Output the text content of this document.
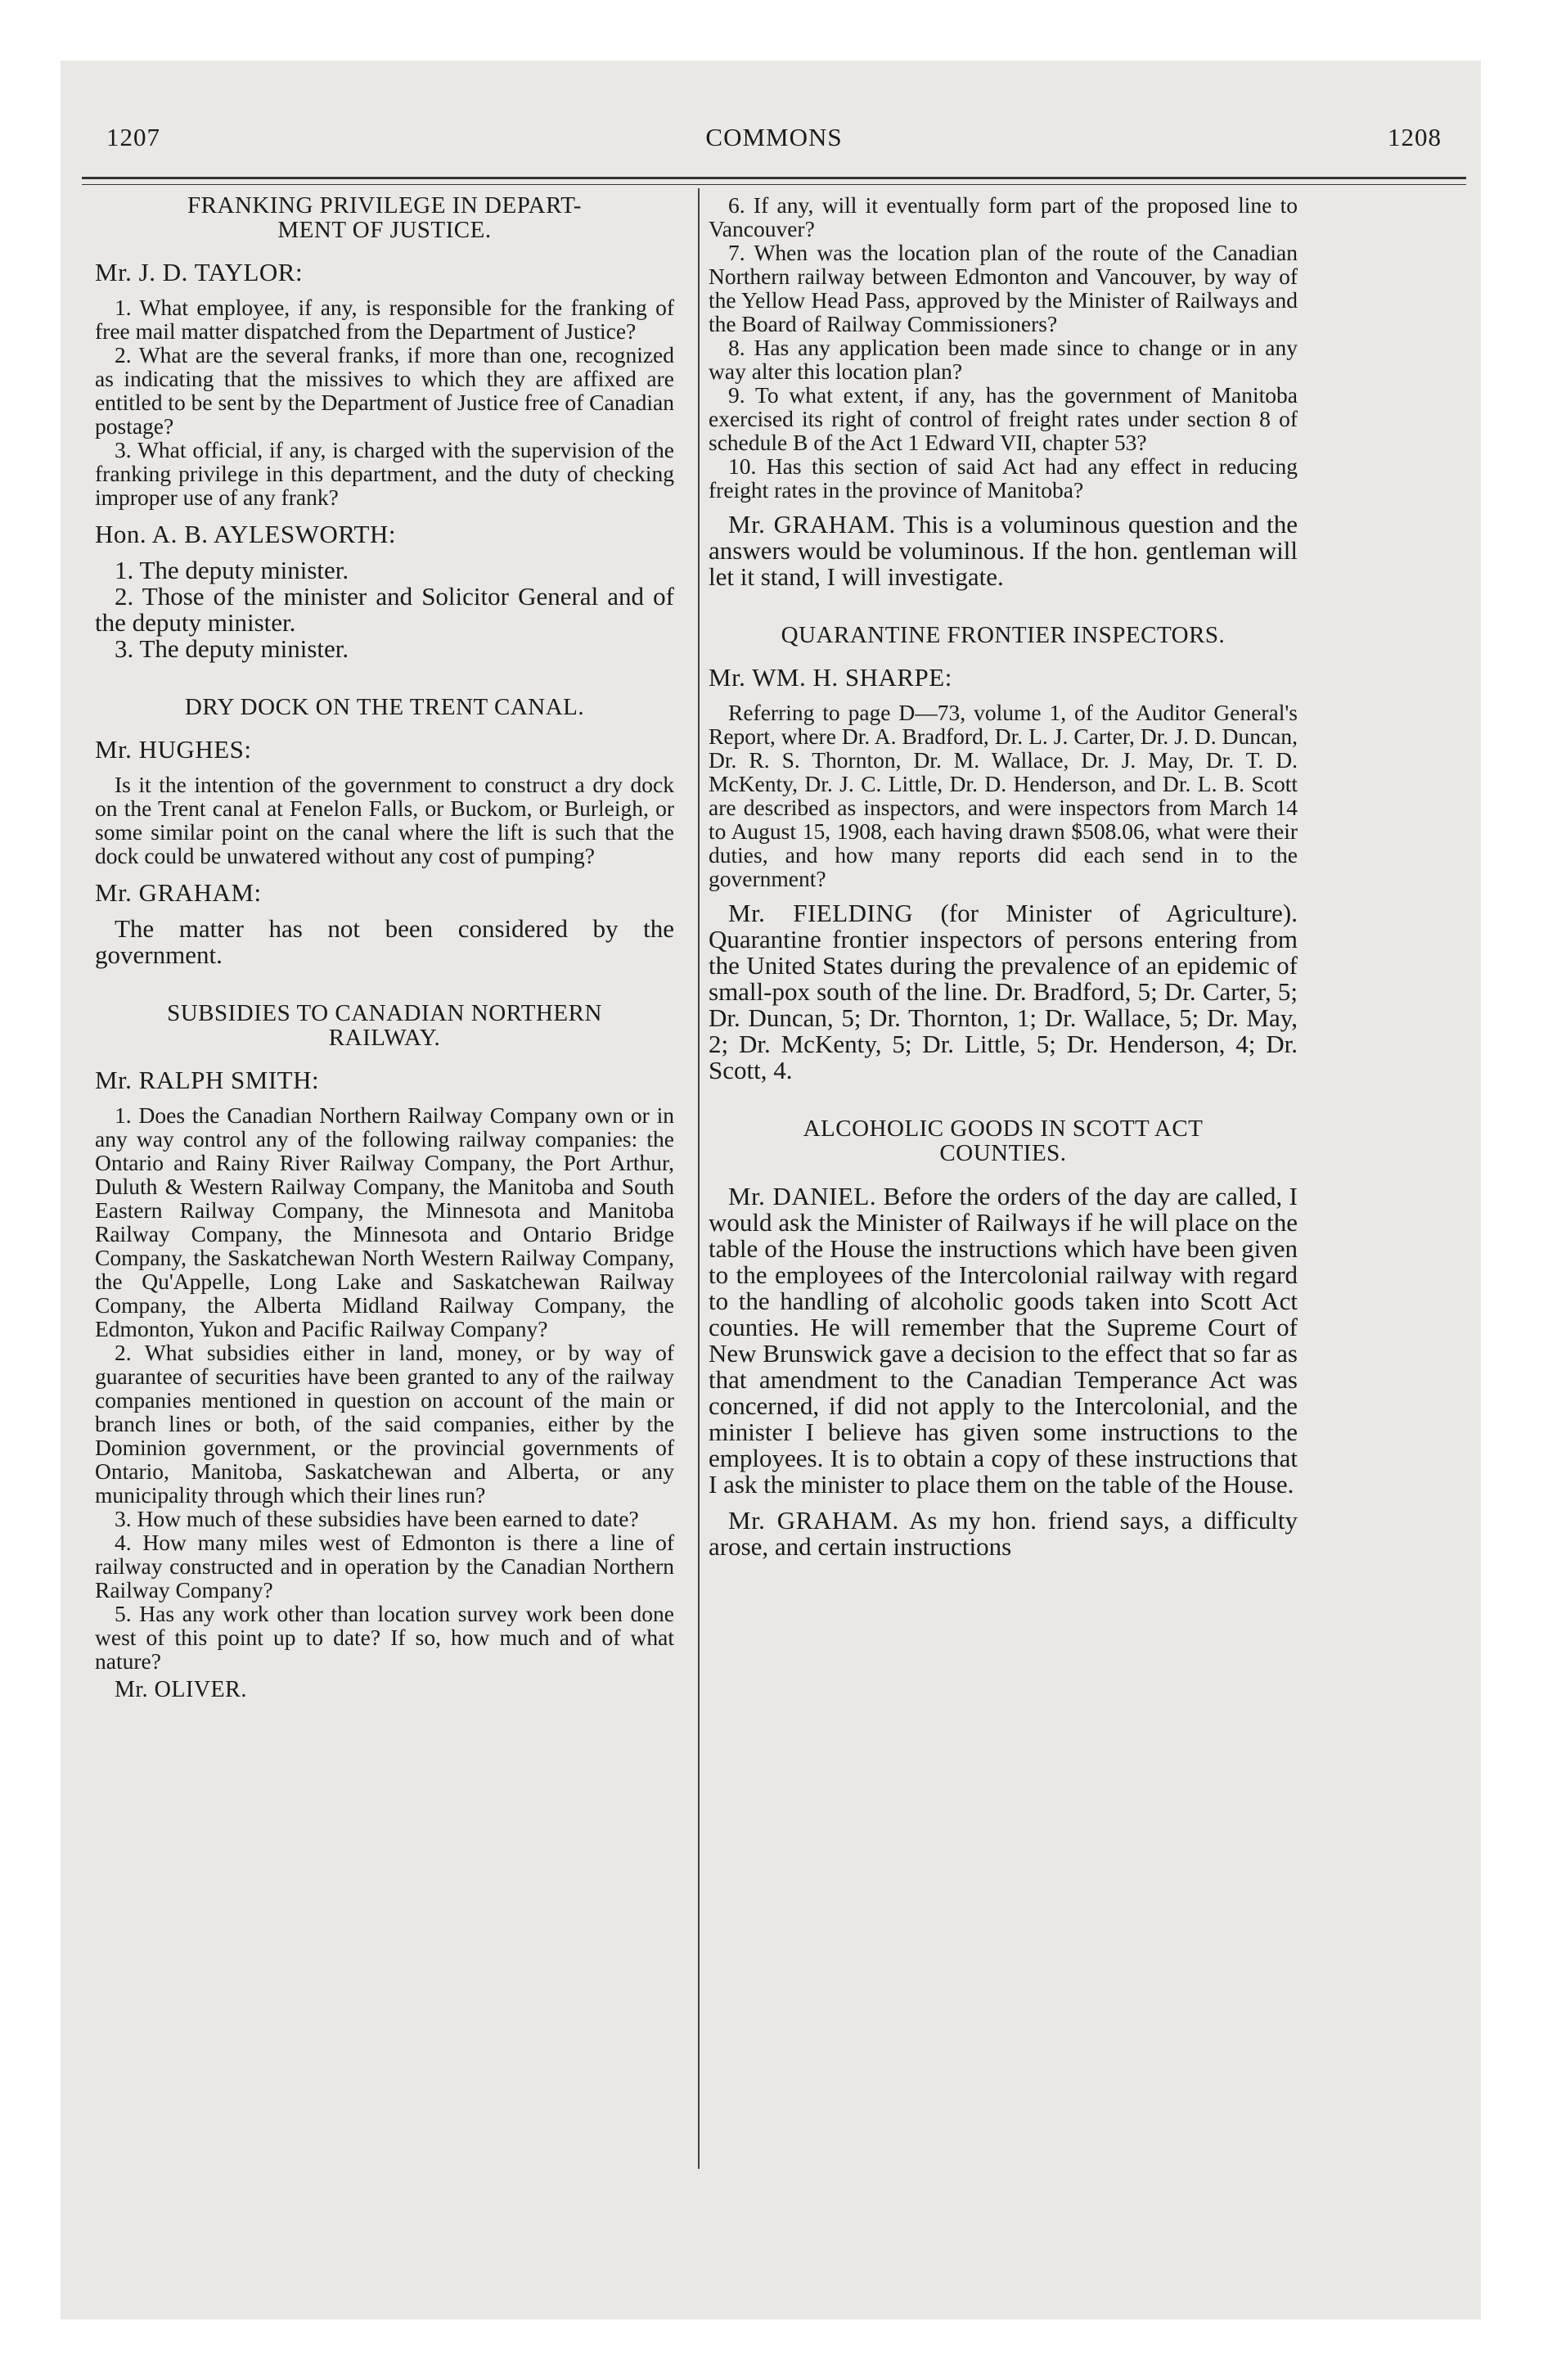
1207	COMMONS	1208
FRANKING PRIVILEGE IN DEPART-
MENT OF JUSTICE.
Mr. J. D. TAYLOR:

1. What employee, if any, is responsible for the franking of free mail matter dispatched from the Department of Justice?

2. What are the several franks, if more than one, recognized as indicating that the missives to which they are affixed are entitled to be sent by the Department of Justice free of Canadian postage?

3. What official, if any, is charged with the supervision of the franking privilege in this department, and the duty of checking improper use of any frank?

Hon. A. B. AYLESWORTH:

1. The deputy minister.

2. Those of the minister and Solicitor General and of the deputy minister.

3. The deputy minister.

DRY DOCK ON THE TRENT CANAL.
Mr. HUGHES:

Is it the intention of the government to construct a dry dock on the Trent canal at Fenelon Falls, or Buckom, or Burleigh, or some similar point on the canal where the lift is such that the dock could be unwatered without any cost of pumping?

Mr. GRAHAM:

The matter has not been considered by the government.

SUBSIDIES TO CANADIAN NORTHERN
RAILWAY.
Mr. RALPH SMITH:

1. Does the Canadian Northern Railway Company own or in any way control any of the following railway companies: the Ontario and Rainy River Railway Company, the Port Arthur, Duluth & Western Railway Company, the Manitoba and South Eastern Railway Company, the Minnesota and Manitoba Railway Company, the Minnesota and Ontario Bridge Company, the Saskatchewan North Western Railway Company, the Qu'Appelle, Long Lake and Saskatchewan Railway Company, the Alberta Midland Railway Company, the Edmonton, Yukon and Pacific Railway Company?

2. What subsidies either in land, money, or by way of guarantee of securities have been granted to any of the railway companies mentioned in question on account of the main or branch lines or both, of the said companies, either by the Dominion government, or the provincial governments of Ontario, Manitoba, Saskatchewan and Alberta, or any municipality through which their lines run?

3. How much of these subsidies have been earned to date?

4. How many miles west of Edmonton is there a line of railway constructed and in operation by the Canadian Northern Railway Company?

5. Has any work other than location survey work been done west of this point up to date? If so, how much and of what nature?

Mr. OLIVER.

6. If any, will it eventually form part of the proposed line to Vancouver?

7. When was the location plan of the route of the Canadian Northern railway between Edmonton and Vancouver, by way of the Yellow Head Pass, approved by the Minister of Railways and the Board of Railway Commissioners?

8. Has any application been made since to change or in any way alter this location plan?

9. To what extent, if any, has the government of Manitoba exercised its right of control of freight rates under section 8 of schedule B of the Act 1 Edward VII, chapter 53?

10. Has this section of said Act had any effect in reducing freight rates in the province of Manitoba?

Mr. GRAHAM. This is a voluminous question and the answers would be voluminous. If the hon. gentleman will let it stand, I will investigate.

QUARANTINE FRONTIER INSPECTORS.
Mr. WM. H. SHARPE:

Referring to page D—73, volume 1, of the Auditor General's Report, where Dr. A. Bradford, Dr. L. J. Carter, Dr. J. D. Duncan, Dr. R. S. Thornton, Dr. M. Wallace, Dr. J. May, Dr. T. D. McKenty, Dr. J. C. Little, Dr. D. Henderson, and Dr. L. B. Scott are described as inspectors, and were inspectors from March 14 to August 15, 1908, each having drawn $508.06, what were their duties, and how many reports did each send in to the government?

Mr. FIELDING (for Minister of Agriculture). Quarantine frontier inspectors of persons entering from the United States during the prevalence of an epidemic of small-pox south of the line. Dr. Bradford, 5; Dr. Carter, 5; Dr. Duncan, 5; Dr. Thornton, 1; Dr. Wallace, 5; Dr. May, 2; Dr. McKenty, 5; Dr. Little, 5; Dr. Henderson, 4; Dr. Scott, 4.

ALCOHOLIC GOODS IN SCOTT ACT
COUNTIES.

Mr. DANIEL. Before the orders of the day are called, I would ask the Minister of Railways if he will place on the table of the House the instructions which have been given to the employees of the Intercolonial railway with regard to the handling of alcoholic goods taken into Scott Act counties. He will remember that the Supreme Court of New Brunswick gave a decision to the effect that so far as that amendment to the Canadian Temperance Act was concerned, if did not apply to the Intercolonial, and the minister I believe has given some instructions to the employees. It is to obtain a copy of these instructions that I ask the minister to place them on the table of the House.

Mr. GRAHAM. As my hon. friend says, a difficulty arose, and certain instructions
